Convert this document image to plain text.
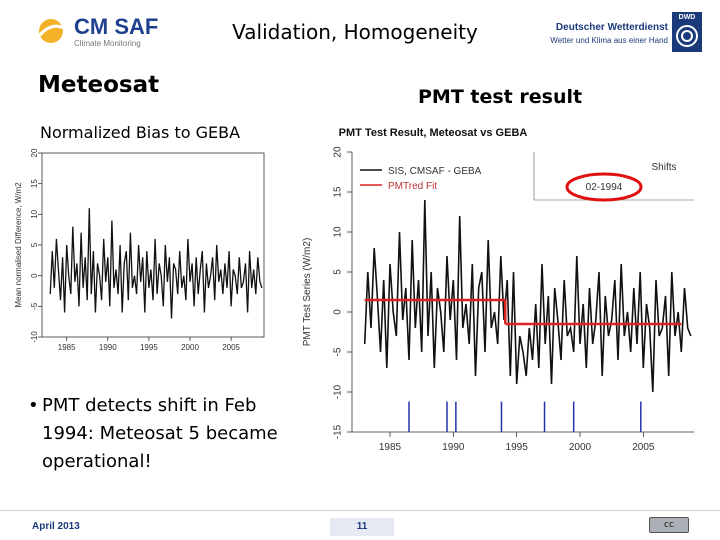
CM SAF
Climate Monitoring	Validation, Homogeneity	Deutscher Wetterdienst
Wetter und Klima aus einer Hand
DWD
Meteosat	PMT test result
Normalized Bias to GEBA
-10
-5
0
5
10
15
20
1985	1990	1995	2000	2005
Mean normalised Difference, W/m2
PMT Test Result, Meteosat vs GEBA
-15
-10
-5
0
5
10
15
20
1985	1990	1995	2000	2005
PMT Test Series (W/m2)
SIS, CMSAF - GEBA
PMTred Fit
Shifts
02-1994
• PMT detects shift in Feb 1994: Meteosat 5 became operational!
April 2013	11	cc
